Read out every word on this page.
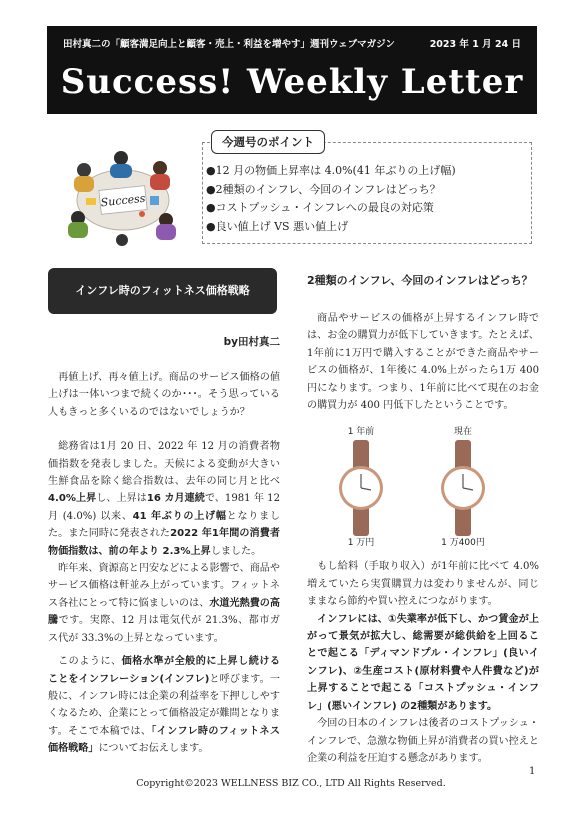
田村真二の「顧客満足向上と顧客・売上・利益を増やす」週刊ウェブマガジン	2023 年 1 月 24 日
Success! Weekly Letter
Success
今週号のポイント
●12 月の物価上昇率は 4.0%(41 年ぶりの上げ幅)
●2種類のインフレ、今回のインフレはどっち？
●コストプッシュ・インフレへの最良の対応策
●良い値上げ VS 悪い値上げ
インフレ時のフィットネス価格戦略
by田村真二

再値上げ、再々値上げ。商品のサービス価格の値上げは一体いつまで続くのか･･･。そう思っている人もきっと多くいるのではないでしょうか？

総務省は1月 20 日、2022 年 12 月の消費者物価指数を発表しました。天候による変動が大きい生鮮食品を除く総合指数は、去年の同じ月と比べ4.0%上昇し、上昇は16 カ月連続で、1981 年 12 月 (4.0%) 以来、41 年ぶりの上げ幅となりました。また同時に発表された2022 年1年間の消費者物価指数は、前の年より 2.3%上昇しました。

昨年来、資源高と円安などによる影響で、商品やサービス価格は軒並み上がっています。フィットネス各社にとって特に悩ましいのは、水道光熱費の高騰です。実際、12 月は電気代が 21.3%、都市ガス代が 33.3%の上昇となっています。

このように、価格水準が全般的に上昇し続けることをインフレーション(インフレ)と呼びます。一般に、インフレ時には企業の利益率を下押ししやすくなるため、企業にとって価格設定が難問となります。そこで本稿では、「インフレ時のフィットネス価格戦略」についてお伝えします。

2種類のインフレ、今回のインフレはどっち？

商品やサービスの価格が上昇するインフレ時では、お金の購買力が低下していきます。たとえば、1年前に1万円で購入することができた商品やサービスの価格が、1年後に 4.0%上がったら1万 400 円になります。つまり、1年前に比べて現在のお金の購買力が 400 円低下したということです。

1 年前
1 万円
現在
1 万400円

もし給料（手取り収入）が1年前に比べて 4.0%増えていたら実質購買力は変わりませんが、同じままなら節約や買い控えにつながります。

インフレには、①失業率が低下し、かつ賃金が上がって景気が拡大し、総需要が総供給を上回ることで起こる「ディマンドプル・インフレ」(良いインフレ)、②生産コスト(原材料費や人件費など)が上昇することで起こる「コストプッシュ・インフレ」(悪いインフレ) の2種類があります。

今回の日本のインフレは後者のコストプッシュ・インフレで、急激な物価上昇が消費者の買い控えと企業の利益を圧迫する懸念があります。

1
Copyright©2023 WELLNESS BIZ CO., LTD All Rights Reserved.
